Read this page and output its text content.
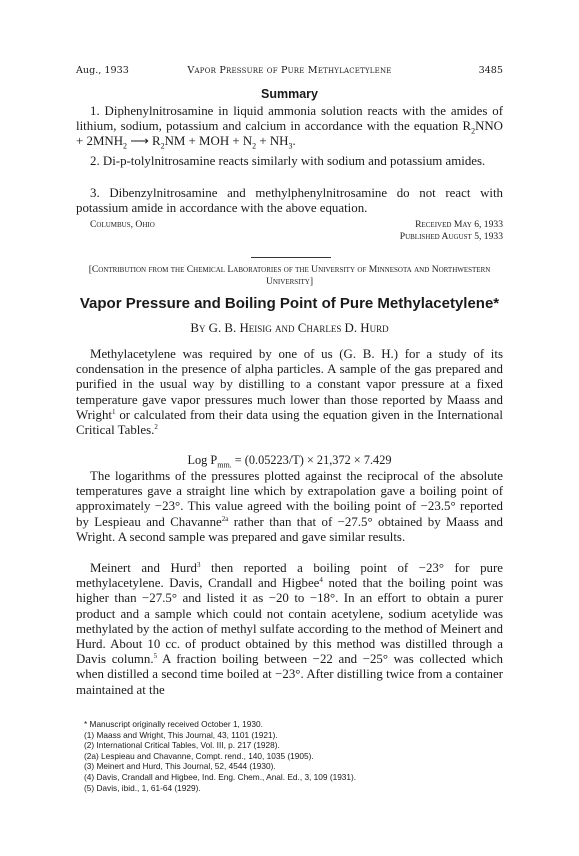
Aug., 1933	Vapor Pressure of Pure Methylacetylene	3485
Summary
1. Diphenylnitrosamine in liquid ammonia solution reacts with the amides of lithium, sodium, potassium and calcium in accordance with the equation $R_2NNO + 2MNH_2$ ⟶ $R_2NM$ + MOH + $N_2 + NH_3$.
2. Di-p-tolylnitrosamine reacts similarly with sodium and potassium amides.
3. Dibenzylnitrosamine and methylphenylnitrosamine do not react with potassium amide in accordance with the above equation.
Columbus, Ohio	Received May 6, 1933
Published August 5, 1933
[Contribution from the Chemical Laboratories of the University of Minnesota and Northwestern University]
Vapor Pressure and Boiling Point of Pure Methylacetylene*
By G. B. Heisig and Charles D. Hurd
Methylacetylene was required by one of us (G. B. H.) for a study of its condensation in the presence of alpha particles. A sample of the gas prepared and purified in the usual way by distilling to a constant vapor pressure at a fixed temperature gave vapor pressures much lower than those reported by Maass and Wright$^1$ or calculated from their data using the equation given in the International Critical Tables.$^2$
Log $P_{mm.} = (0.05223/T) \times 21,372 \times 7.429$
The logarithms of the pressures plotted against the reciprocal of the absolute temperatures gave a straight line which by extrapolation gave a boiling point of approximately −23°. This value agreed with the boiling point of −23.5° reported by Lespieau and Chavanne$^{2a}$ rather than that of −27.5° obtained by Maass and Wright. A second sample was prepared and gave similar results.
Meinert and Hurd$^3$ then reported a boiling point of −23° for pure methylacetylene. Davis, Crandall and Higbee$^4$ noted that the boiling point was higher than −27.5° and listed it as −20 to −18°. In an effort to obtain a purer product and a sample which could not contain acetylene, sodium acetylide was methylated by the action of methyl sulfate according to the method of Meinert and Hurd. About 10 cc. of product obtained by this method was distilled through a Davis column.$^5$ A fraction boiling between −22 and −25° was collected which when distilled a second time boiled at −23°. After distilling twice from a container maintained at the
* Manuscript originally received October 1, 1930.
(1) Maass and Wright, This Journal, 43, 1101 (1921).
(2) International Critical Tables, Vol. III, p. 217 (1928).
(2a) Lespieau and Chavanne, Compt. rend., 140, 1035 (1905).
(3) Meinert and Hurd, This Journal, 52, 4544 (1930).
(4) Davis, Crandall and Higbee, Ind. Eng. Chem., Anal. Ed., 3, 109 (1931).
(5) Davis, ibid., 1, 61-64 (1929).
